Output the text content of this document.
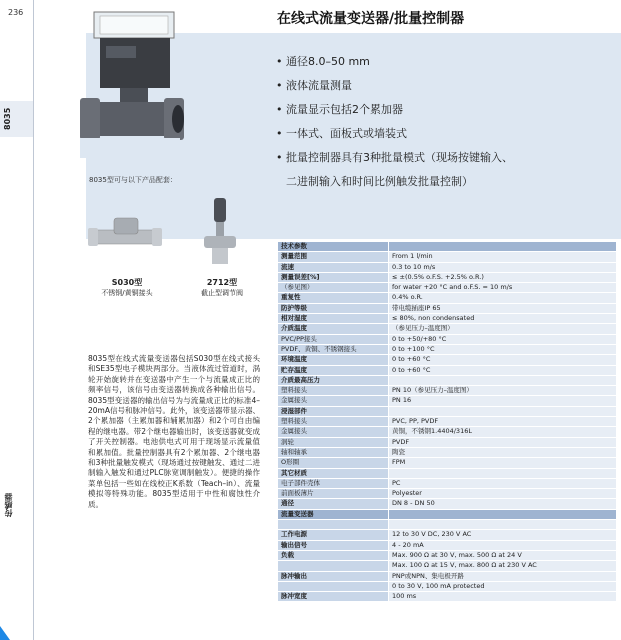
236
8035
传感器
在线式流量变送器/批量控制器
• 通径8.0–50 mm
• 液体流量测量
• 流量显示包括2个累加器
• 一体式、面板式或墙装式
• 批量控制器具有3种批量模式（现场按键输入、
二进制输入和时间比例触发批量控制）
8035型可与以下产品配套：
S030型
不锈钢/黄铜接头
2712型
截止型调节阀

8035型在线式流量变送器包括S030型在线式接头和SE35型电子模块两部分。当液体流过管道时，涡轮开始旋转并在变送器中产生一个与流量成正比的频率信号，该信号由变送器转换成各种输出信号。8035型变送器的输出信号为与流量成正比的标准4–20mA信号和脉冲信号。此外，该变送器带显示器、2个累加器（主累加器和辅累加器）和2个可自由编程的继电器。带2个继电器输出时，该变送器就变成了开关控制器。电池供电式可用于现场显示流量值和累加值。批量控制器具有2个累加器、2个继电器和3种批量触发模式（现场通过按键触发、通过二进制输入触发和通过PLC脉宽调制触发）。便捷的操作菜单包括一些如在线校正K系数（Teach–in）、流量模拟等特殊功能。8035型适用于中性和腐蚀性介质。

技术参数	
测量范围	From 1 l/min
流速	0.3 to 10 m/s
测量误差[%]	≤ ±(0.5% o.F.S. +2.5% o.R.)
（参见图）	for water +20 °C and o.F.S. = 10 m/s
重复性	0.4% o.R.
防护等级	带电缆插座IP 65
相对湿度	≤ 80%, non condensated
介质温度	（参见压力–温度图）
PVC/PP接头	0 to +50/+80 °C
PVDF、黄铜、不锈钢接头	0 to +100 °C
环境温度	0 to +60 °C
贮存温度	0 to +60 °C
介质最高压力	
塑料接头	PN 10（参见压力–温度图）
金属接头	PN 16
浸湿部件	
塑料接头	PVC, PP, PVDF
金属接头	黄铜，不锈钢1.4404/316L
涡轮	PVDF
轴和轴承	陶瓷
O形圈	FPM
其它材质	
电子部件壳体	PC
前面板薄片	Polyester
通径	DN 8 - DN 50
流量变送器	

工作电源	12 to 30 V DC, 230 V AC
输出信号	4 - 20 mA
负载	Max. 900 Ω at 30 V, max. 500 Ω at 24 V
	Max. 100 Ω at 15 V, max. 800 Ω at 230 V AC
脉冲输出	PNP或NPN、集电极开路
	0 to 30 V, 100 mA protected
脉冲宽度	100 ms
